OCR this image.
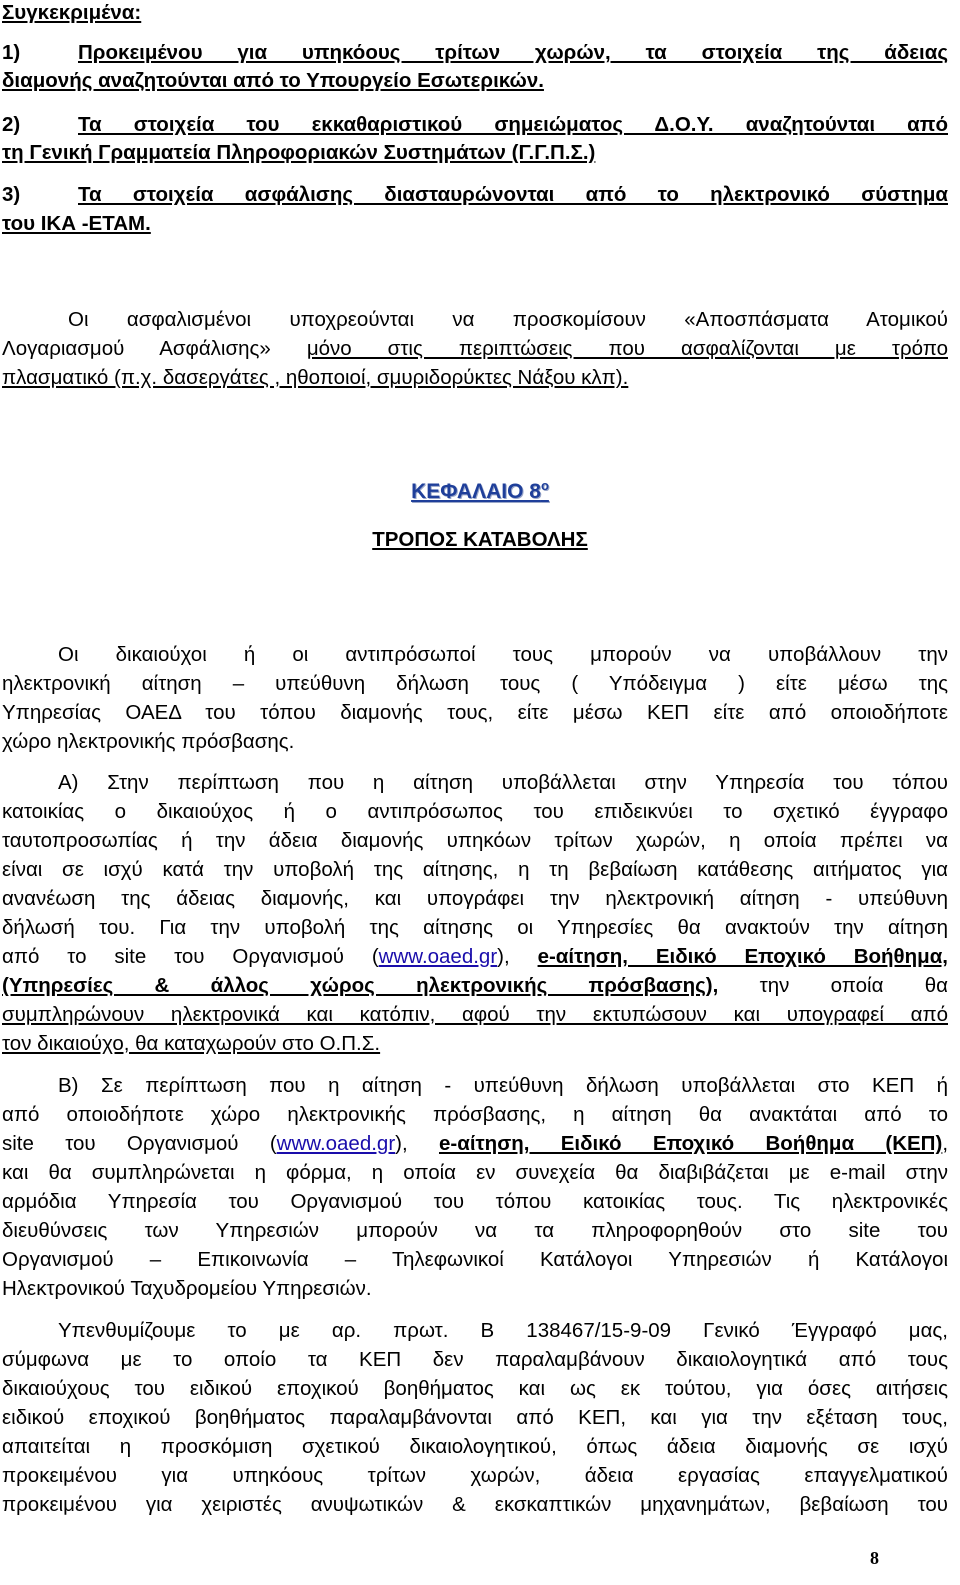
Συγκεκριμένα:
1)	Προκειμένου για υπηκόους τρίτων χωρών, τα στοιχεία της άδειας
διαμονής αναζητούνται από το Υπουργείο Εσωτερικών.
2)	Τα στοιχεία του εκκαθαριστικού σημειώματος Δ.Ο.Υ. αναζητούνται από
τη Γενική Γραμματεία Πληροφοριακών Συστημάτων (Γ.Γ.Π.Σ.)
3)	Τα στοιχεία ασφάλισης διασταυρώνονται από το ηλεκτρονικό σύστημα
του ΙΚΑ -ΕΤΑΜ.
Οι ασφαλισμένοι υποχρεούνται να προσκομίσουν «Αποσπάσματα Ατομικού
Λογαριασμού Ασφάλισης» μόνο στις περιπτώσεις που ασφαλίζονται με τρόπο
πλασματικό (π.χ. δασεργάτες , ηθοποιοί, σμυριδορύκτες Νάξου κλπ).
ΚΕΦΑΛΑΙΟ $8^o$
ΤΡΟΠΟΣ ΚΑΤΑΒΟΛΗΣ
Οι δικαιούχοι ή οι αντιπρόσωποί τους μπορούν να υποβάλλουν την
ηλεκτρονική αίτηση – υπεύθυνη δήλωση τους ( Υπόδειγμα ) είτε μέσω της
Υπηρεσίας ΟΑΕΔ του τόπου διαμονής τους, είτε μέσω ΚΕΠ είτε από οποιοδήποτε
χώρο ηλεκτρονικής πρόσβασης.
Α) Στην περίπτωση που η αίτηση υποβάλλεται στην Υπηρεσία του τόπου
κατοικίας ο δικαιούχος ή ο αντιπρόσωπος του επιδεικνύει το σχετικό έγγραφο
ταυτοπροσωπίας ή την άδεια διαμονής υπηκόων τρίτων χωρών, η οποία πρέπει να
είναι σε ισχύ κατά την υποβολή της αίτησης, η τη βεβαίωση κατάθεσης αιτήματος για
ανανέωση της άδειας διαμονής, και υπογράφει την ηλεκτρονική αίτηση - υπεύθυνη
δήλωσή του. Για την υποβολή της αίτησης οι Υπηρεσίες θα ανακτούν την αίτηση
από το site του Οργανισμού (www.oaed.gr), e-αίτηση, Ειδικό Εποχικό Βοήθημα,
(Υπηρεσίες & άλλος χώρος ηλεκτρονικής πρόσβασης), την οποία θα
συμπληρώνουν ηλεκτρονικά και κατόπιν, αφού την εκτυπώσουν και υπογραφεί από
τον δικαιούχο, θα καταχωρούν στο Ο.Π.Σ.
Β) Σε περίπτωση που η αίτηση - υπεύθυνη δήλωση υποβάλλεται στο ΚΕΠ ή
από οποιοδήποτε χώρο ηλεκτρονικής πρόσβασης, η αίτηση θα ανακτάται από το
site του Οργανισμού (www.oaed.gr), e-αίτηση, Ειδικό Εποχικό Βοήθημα (ΚΕΠ),
και θα συμπληρώνεται η φόρμα, η οποία εν συνεχεία θα διαβιβάζεται με e-mail στην
αρμόδια Υπηρεσία του Οργανισμού του τόπου κατοικίας τους. Τις ηλεκτρονικές
διευθύνσεις των Υπηρεσιών μπορούν να τα πληροφορηθούν στο site του
Οργανισμού – Επικοινωνία – Τηλεφωνικοί Κατάλογοι Υπηρεσιών ή Κατάλογοι
Ηλεκτρονικού Ταχυδρομείου Υπηρεσιών.
Υπενθυμίζουμε το με αρ. πρωτ. Β 138467/15-9-09 Γενικό Έγγραφό μας,
σύμφωνα με το οποίο τα ΚΕΠ δεν παραλαμβάνουν δικαιολογητικά από τους
δικαιούχους του ειδικού εποχικού βοηθήματος και ως εκ τούτου, για όσες αιτήσεις
ειδικού εποχικού βοηθήματος παραλαμβάνονται από ΚΕΠ, και για την εξέταση τους,
απαιτείται η προσκόμιση σχετικού δικαιολογητικού, όπως άδεια διαμονής σε ισχύ
προκειμένου για υπηκόους τρίτων χωρών, άδεια εργασίας επαγγελματικού
προκειμένου για χειριστές ανυψωτικών & εκσκαπτικών μηχανημάτων, βεβαίωση του
8
